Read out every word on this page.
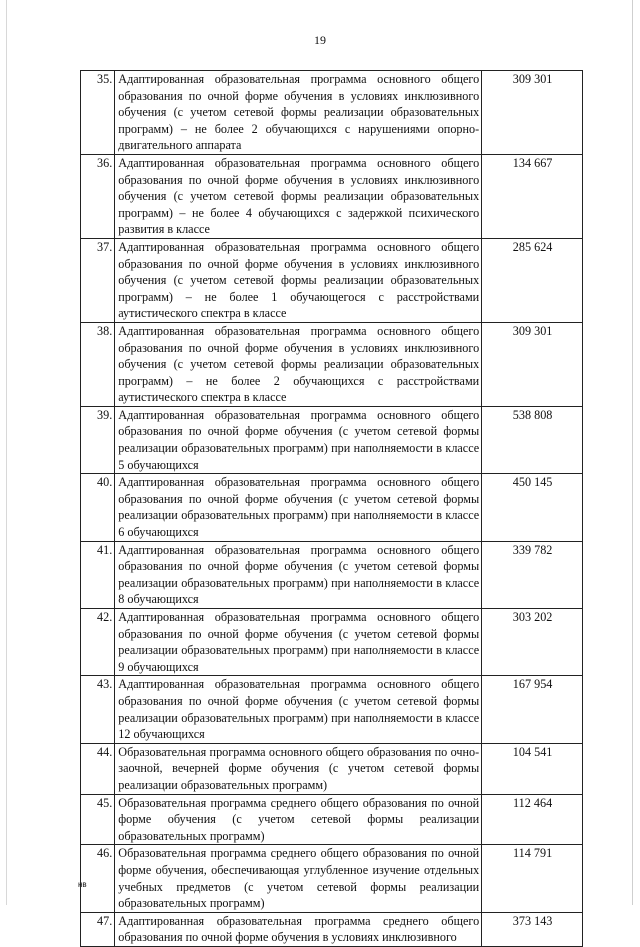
19
35.	Адаптированная образовательная программа основного общего образования по очной форме обучения в условиях инклюзивного обучения (с учетом сетевой формы реализации образовательных программ) – не более 2 обучающихся с нарушениями опорно-двигательного аппарата	309 301
36.	Адаптированная образовательная программа основного общего образования по очной форме обучения в условиях инклюзивного обучения (с учетом сетевой формы реализации образовательных программ) – не более 4 обучающихся с задержкой психического развития в классе	134 667
37.	Адаптированная образовательная программа основного общего образования по очной форме обучения в условиях инклюзивного обучения (с учетом сетевой формы реализации образовательных программ) – не более 1 обучающегося с расстройствами аутистического спектра в классе	285 624
38.	Адаптированная образовательная программа основного общего образования по очной форме обучения в условиях инклюзивного обучения (с учетом сетевой формы реализации образовательных программ) – не более 2 обучающихся с расстройствами аутистического спектра в классе	309 301
39.	Адаптированная образовательная программа основного общего образования по очной форме обучения (с учетом сетевой формы реализации образовательных программ) при наполняемости в классе 5 обучающихся	538 808
40.	Адаптированная образовательная программа основного общего образования по очной форме обучения (с учетом сетевой формы реализации образовательных программ) при наполняемости в классе 6 обучающихся	450 145
41.	Адаптированная образовательная программа основного общего образования по очной форме обучения (с учетом сетевой формы реализации образовательных программ) при наполняемости в классе 8 обучающихся	339 782
42.	Адаптированная образовательная программа основного общего образования по очной форме обучения (с учетом сетевой формы реализации образовательных программ) при наполняемости в классе 9 обучающихся	303 202
43.	Адаптированная образовательная программа основного общего образования по очной форме обучения (с учетом сетевой формы реализации образовательных программ) при наполняемости в классе 12 обучающихся	167 954
44.	Образовательная программа основного общего образования по очно-заочной, вечерней форме обучения (с учетом сетевой формы реализации образовательных программ)	104 541
45.	Образовательная программа среднего общего образования по очной форме обучения (с учетом сетевой формы реализации образовательных программ)	112 464
46.	Образовательная программа среднего общего образования по очной форме обучения, обеспечивающая углубленное изучение отдельных учебных предметов (с учетом сетевой формы реализации образовательных программ)	114 791
47.	Адаптированная образовательная программа среднего общего образования по очной форме обучения в условиях инклюзивного	373 143
нв
